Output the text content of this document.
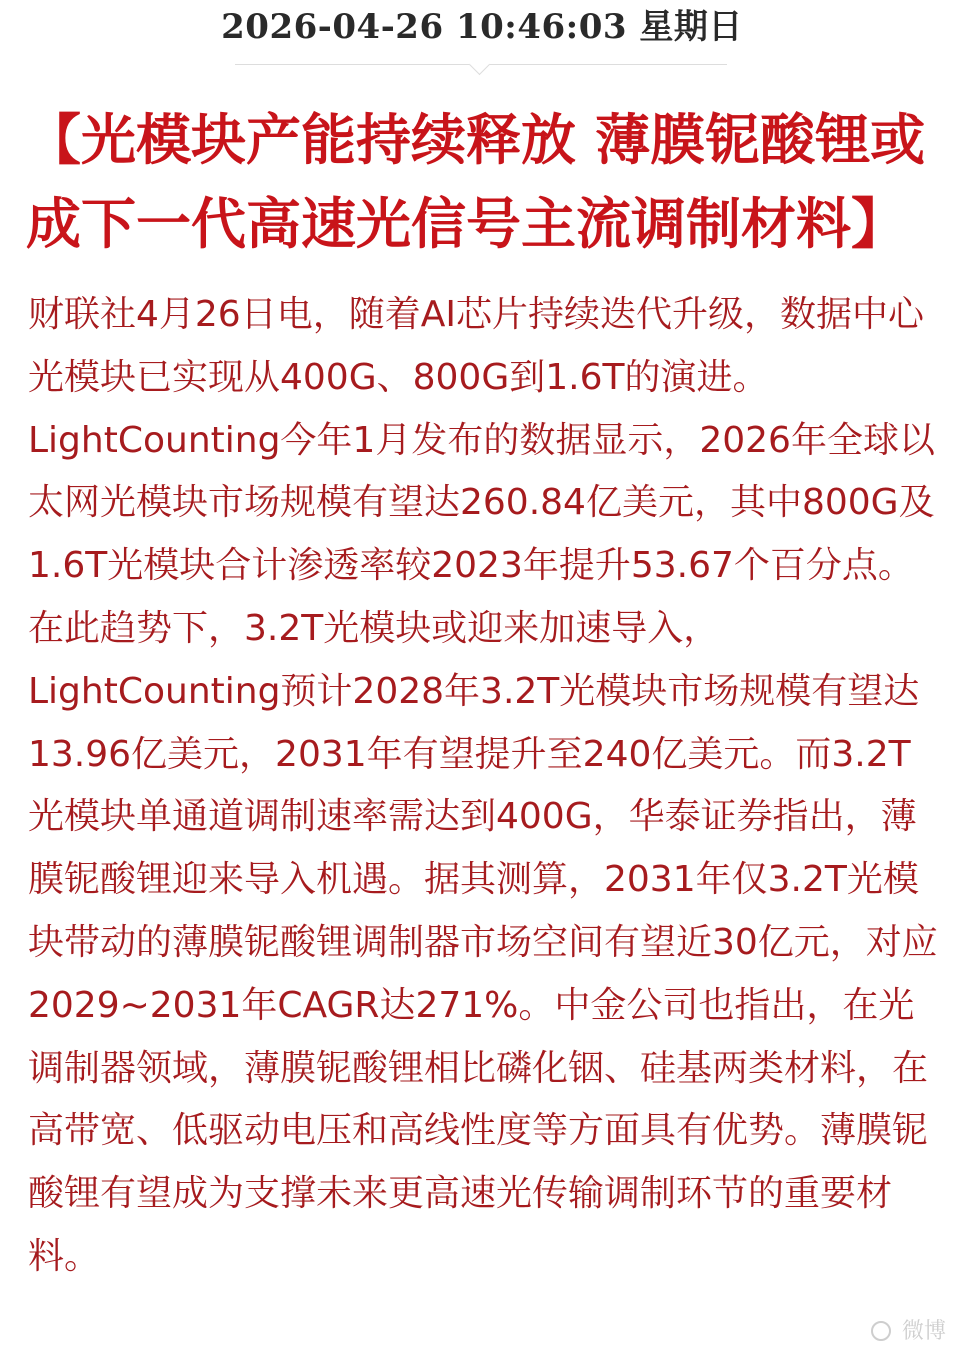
2026-04-26 10:46:03 星期日
【光模块产能持续释放 薄膜铌酸锂或成下一代高速光信号主流调制材料】

财联社4月26日电，随着AI芯片持续迭代升级，数据中心光模块已实现从400G、800G到1.6T的演进。LightCounting今年1月发布的数据显示，2026年全球以太网光模块市场规模有望达260.84亿美元，其中800G及1.6T光模块合计渗透率较2023年提升53.67个百分点。在此趋势下，3.2T光模块或迎来加速导入，LightCounting预计2028年3.2T光模块市场规模有望达13.96亿美元，2031年有望提升至240亿美元。而3.2T光模块单通道调制速率需达到400G，华泰证券指出，薄膜铌酸锂迎来导入机遇。据其测算，2031年仅3.2T光模块带动的薄膜铌酸锂调制器市场空间有望近30亿元，对应2029~2031年CAGR达271%。中金公司也指出，在光调制器领域，薄膜铌酸锂相比磷化铟、硅基两类材料，在高带宽、低驱动电压和高线性度等方面具有优势。薄膜铌酸锂有望成为支撑未来更高速光传输调制环节的重要材料。

微博
